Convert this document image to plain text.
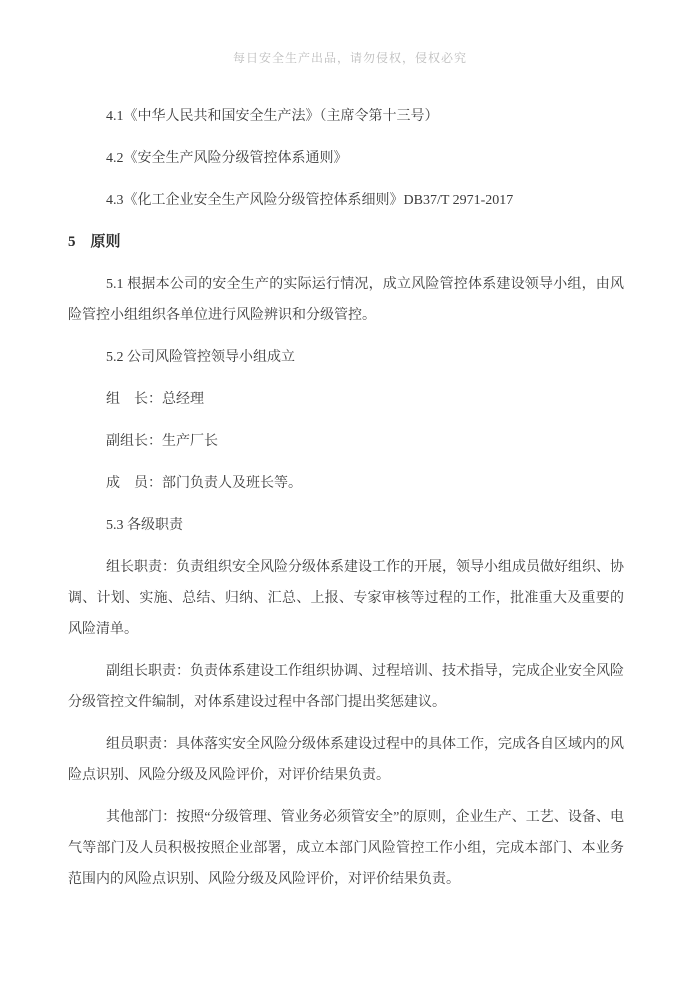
每日安全生产出品，请勿侵权，侵权必究

4.1《中华人民共和国安全生产法》（主席令第十三号）

4.2《安全生产风险分级管控体系通则》

4.3《化工企业安全生产风险分级管控体系细则》DB37/T 2971-2017

5　原则

5.1 根据本公司的安全生产的实际运行情况，成立风险管控体系建设领导小组，由风险管控小组组织各单位进行风险辨识和分级管控。

5.2 公司风险管控领导小组成立

组　长：总经理

副组长：生产厂长

成　员：部门负责人及班长等。

5.3 各级职责

组长职责：负责组织安全风险分级体系建设工作的开展，领导小组成员做好组织、协调、计划、实施、总结、归纳、汇总、上报、专家审核等过程的工作，批准重大及重要的风险清单。

副组长职责：负责体系建设工作组织协调、过程培训、技术指导，完成企业安全风险分级管控文件编制，对体系建设过程中各部门提出奖惩建议。

组员职责：具体落实安全风险分级体系建设过程中的具体工作，完成各自区域内的风险点识别、风险分级及风险评价，对评价结果负责。

其他部门：按照“分级管理、管业务必须管安全”的原则，企业生产、工艺、设备、电气等部门及人员积极按照企业部署，成立本部门风险管控工作小组，完成本部门、本业务范围内的风险点识别、风险分级及风险评价，对评价结果负责。
